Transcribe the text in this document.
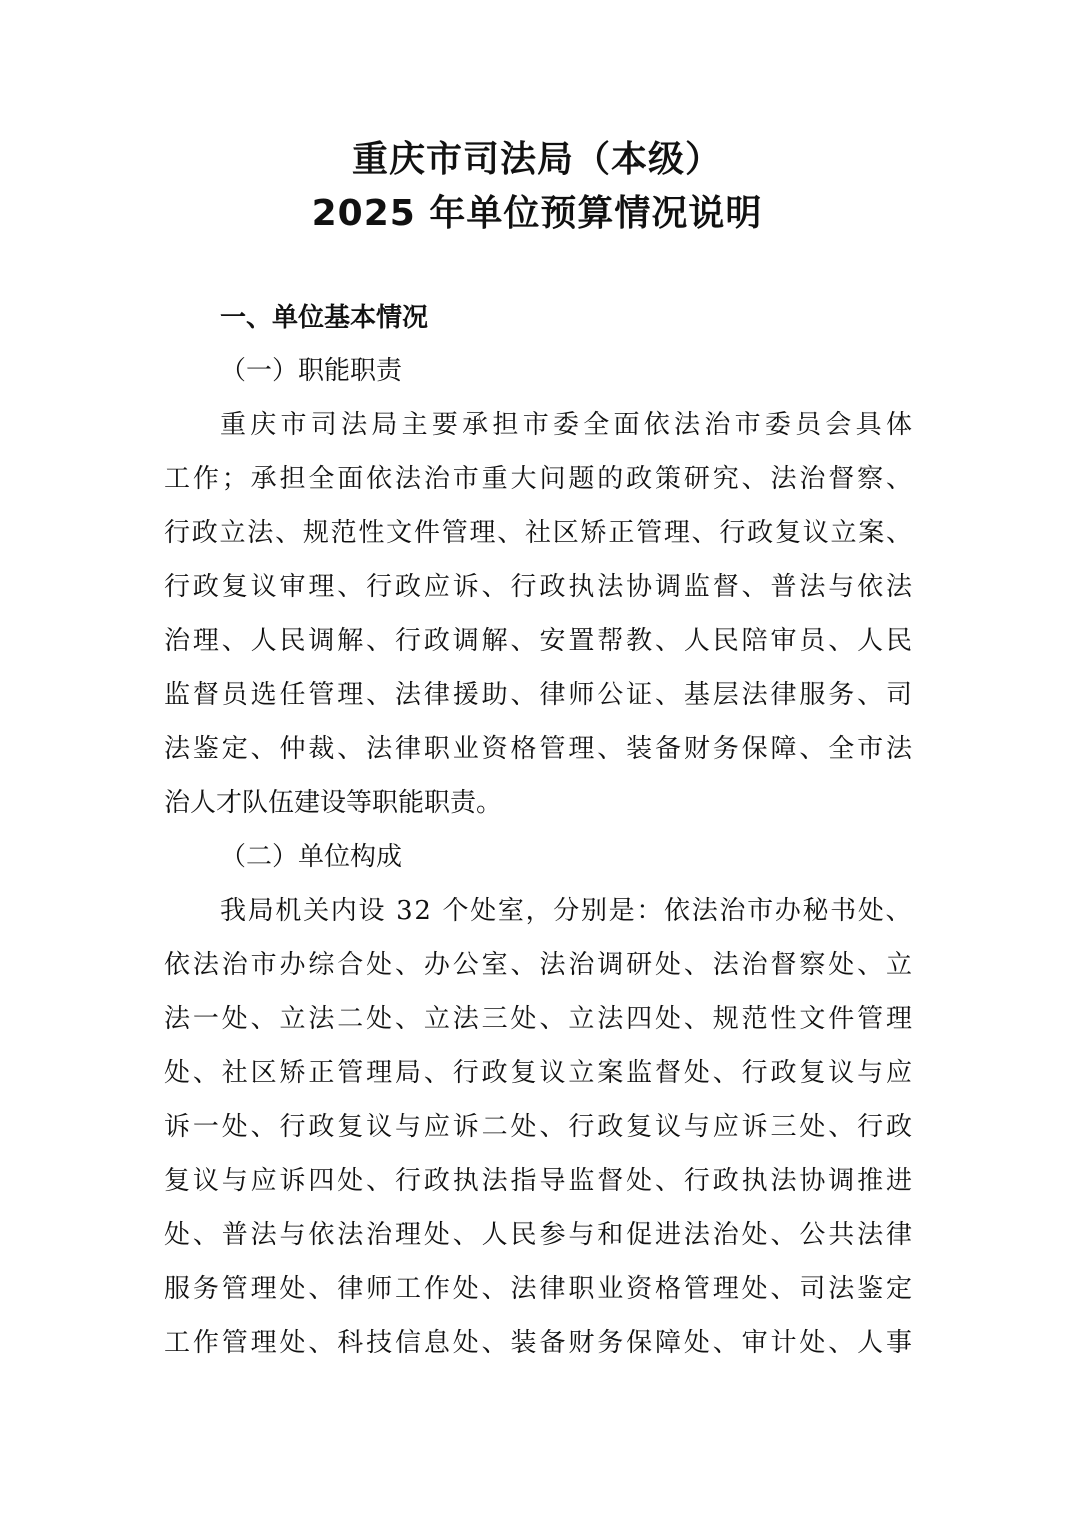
重庆市司法局（本级）
2025 年单位预算情况说明

一、单位基本情况

（一）职能职责

重庆市司法局主要承担市委全面依法治市委员会具体

工作；承担全面依法治市重大问题的政策研究、法治督察、

行政立法、规范性文件管理、社区矫正管理、行政复议立案、

行政复议审理、行政应诉、行政执法协调监督、普法与依法

治理、人民调解、行政调解、安置帮教、人民陪审员、人民

监督员选任管理、法律援助、律师公证、基层法律服务、司

法鉴定、仲裁、法律职业资格管理、装备财务保障、全市法

治人才队伍建设等职能职责。

（二）单位构成

我局机关内设 32 个处室，分别是：依法治市办秘书处、

依法治市办综合处、办公室、法治调研处、法治督察处、立

法一处、立法二处、立法三处、立法四处、规范性文件管理

处、社区矫正管理局、行政复议立案监督处、行政复议与应

诉一处、行政复议与应诉二处、行政复议与应诉三处、行政

复议与应诉四处、行政执法指导监督处、行政执法协调推进

处、普法与依法治理处、人民参与和促进法治处、公共法律

服务管理处、律师工作处、法律职业资格管理处、司法鉴定

工作管理处、科技信息处、装备财务保障处、审计处、人事
